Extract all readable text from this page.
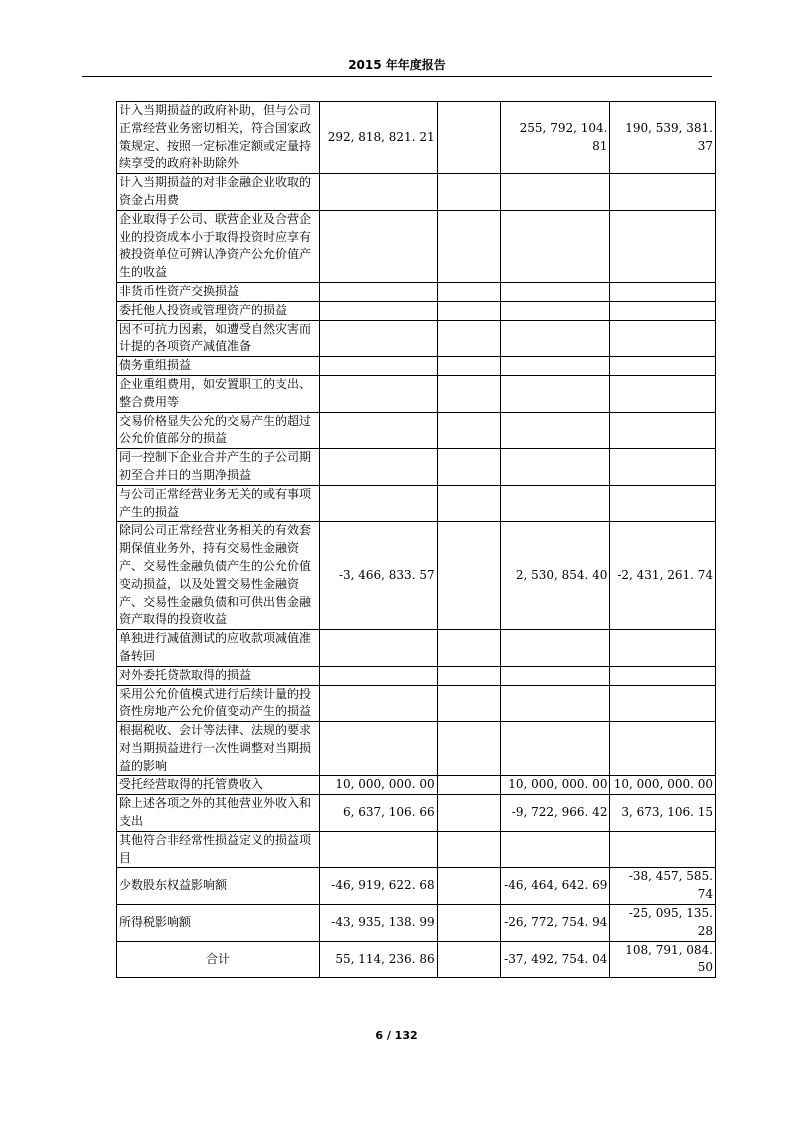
2015 年年度报告
计入当期损益的政府补助，但与公司正常经营业务密切相关，符合国家政策规定、按照一定标准定额或定量持续享受的政府补助除外	292, 818, 821. 21		255, 792, 104. 81	190, 539, 381. 37
计入当期损益的对非金融企业收取的资金占用费				
企业取得子公司、联营企业及合营企业的投资成本小于取得投资时应享有被投资单位可辨认净资产公允价值产生的收益				
非货币性资产交换损益				
委托他人投资或管理资产的损益				
因不可抗力因素，如遭受自然灾害而计提的各项资产减值准备				
债务重组损益				
企业重组费用，如安置职工的支出、整合费用等				
交易价格显失公允的交易产生的超过公允价值部分的损益				
同一控制下企业合并产生的子公司期初至合并日的当期净损益				
与公司正常经营业务无关的或有事项产生的损益				
除同公司正常经营业务相关的有效套期保值业务外，持有交易性金融资产、交易性金融负债产生的公允价值变动损益，以及处置交易性金融资产、交易性金融负债和可供出售金融资产取得的投资收益	-3, 466, 833. 57		2, 530, 854. 40	-2, 431, 261. 74
单独进行减值测试的应收款项减值准备转回				
对外委托贷款取得的损益				
采用公允价值模式进行后续计量的投资性房地产公允价值变动产生的损益				
根据税收、会计等法律、法规的要求对当期损益进行一次性调整对当期损益的影响				
受托经营取得的托管费收入	10, 000, 000. 00		10, 000, 000. 00	10, 000, 000. 00
除上述各项之外的其他营业外收入和支出	6, 637, 106. 66		-9, 722, 966. 42	3, 673, 106. 15
其他符合非经常性损益定义的损益项目				
少数股东权益影响额	-46, 919, 622. 68		-46, 464, 642. 69	-38, 457, 585. 74
所得税影响额	-43, 935, 138. 99		-26, 772, 754. 94	-25, 095, 135. 28
合计	55, 114, 236. 86		-37, 492, 754. 04	108, 791, 084. 50
6 / 132
